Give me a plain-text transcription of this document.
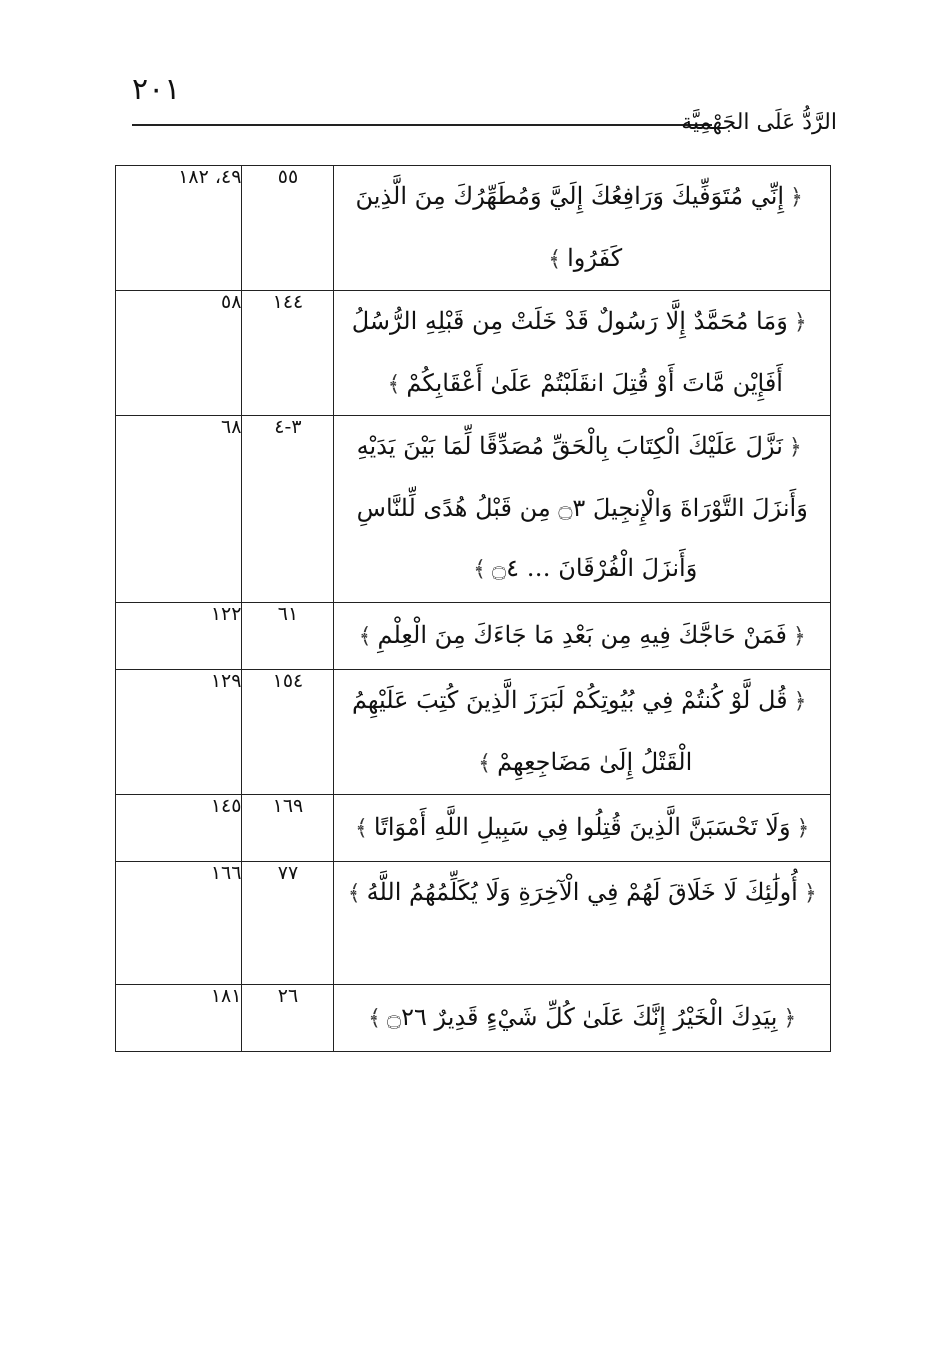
٢٠١
الرَّدُّ عَلَى الجَهْمِيَّة
﴿إِنِّي مُتَوَفِّيكَ وَرَافِعُكَ إِلَيَّ وَمُطَهِّرُكَ مِنَ الَّذِينَ كَفَرُوا﴾	٥٥	٤٩، ١٨٢
﴿وَمَا مُحَمَّدٌ إِلَّا رَسُولٌ قَدْ خَلَتْ مِن قَبْلِهِ الرُّسُلُ أَفَإِيْن مَّاتَ أَوْ قُتِلَ انقَلَبْتُمْ عَلَىٰ أَعْقَابِكُمْ﴾	١٤٤	٥٨
﴿نَزَّلَ عَلَيْكَ الْكِتَابَ بِالْحَقِّ مُصَدِّقًا لِّمَا بَيْنَ يَدَيْهِ وَأَنزَلَ التَّوْرَاةَ وَالْإِنجِيلَ ۝٣ مِن قَبْلُ هُدًى لِّلنَّاسِ وَأَنزَلَ الْفُرْقَانَ … ۝٤﴾	٣-٤	٦٨
﴿فَمَنْ حَاجَّكَ فِيهِ مِن بَعْدِ مَا جَاءَكَ مِنَ الْعِلْمِ﴾	٦١	١٢٢
﴿قُل لَّوْ كُنتُمْ فِي بُيُوتِكُمْ لَبَرَزَ الَّذِينَ كُتِبَ عَلَيْهِمُ الْقَتْلُ إِلَىٰ مَضَاجِعِهِمْ﴾	١٥٤	١٢٩
﴿وَلَا تَحْسَبَنَّ الَّذِينَ قُتِلُوا فِي سَبِيلِ اللَّهِ أَمْوَاتًا﴾	١٦٩	١٤٥
﴿أُولَٰئِكَ لَا خَلَاقَ لَهُمْ فِي الْآخِرَةِ وَلَا يُكَلِّمُهُمُ اللَّهُ﴾	٧٧	١٦٦
﴿بِيَدِكَ الْخَيْرُ إِنَّكَ عَلَىٰ كُلِّ شَيْءٍ قَدِيرٌ ۝٢٦﴾	٢٦	١٨١
